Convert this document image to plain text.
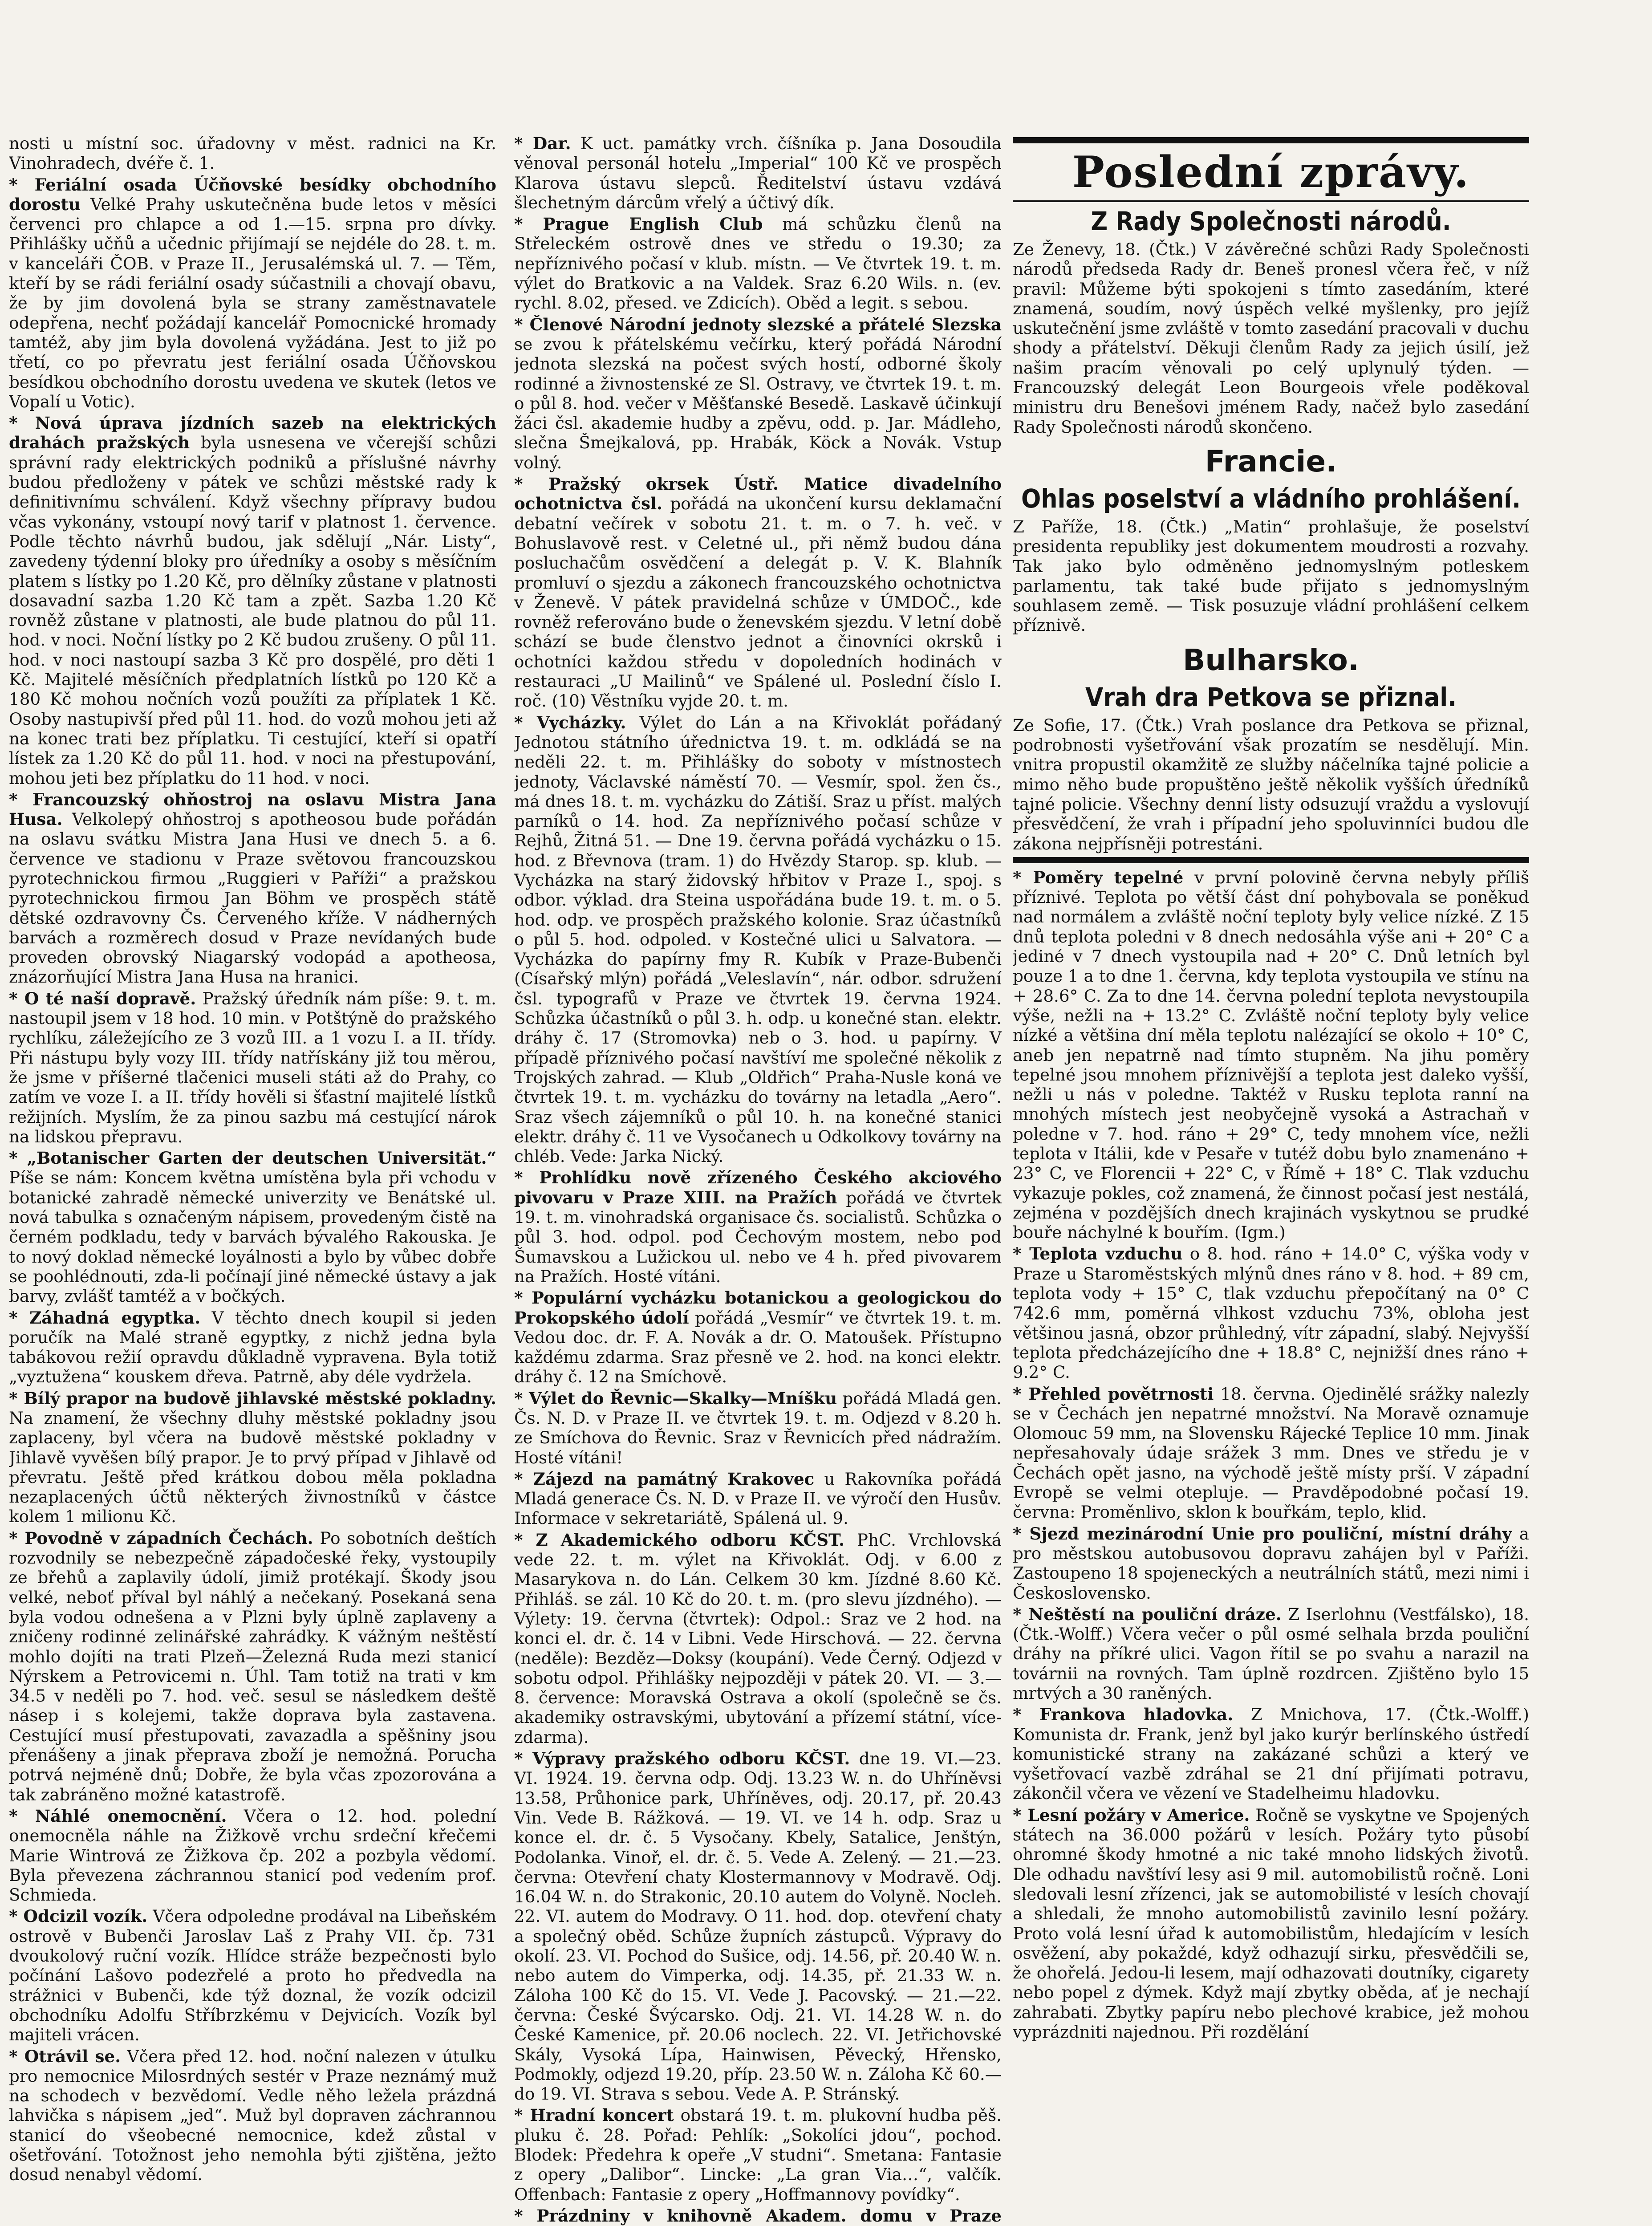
nosti u místní soc. úřadovny v měst. radnici na Kr. Vinohradech, dvéře č. 1.

* Feriální osada Účňovské besídky obchodního dorostu Velké Prahy uskutečněna bude letos v měsíci červenci pro chlapce a od 1.—15. srpna pro dívky. Přihlášky učňů a učednic přijímají se nejdéle do 28. t. m. v kanceláři ČOB. v Praze II., Jerusalémská ul. 7. — Těm, kteří by se rádi feriální osady súčastnili a chovají obavu, že by jim dovolená byla se strany zaměstnavatele odepřena, nechť požádají kancelář Pomocnické hromady tamtéž, aby jim byla dovolená vyžádána. Jest to již po třetí, co po převratu jest feriální osada Účňovskou besídkou obchodního dorostu uvedena ve skutek (letos ve Vopalí u Votic).

* Nová úprava jízdních sazeb na elektrických drahách pražských byla usnesena ve včerejší schůzi správní rady elektrických podniků a příslušné návrhy budou předloženy v pátek ve schůzi městské rady k definitivnímu schválení. Když všechny přípravy budou včas vykonány, vstoupí nový tarif v platnost 1. července. Podle těchto návrhů budou, jak sdělují „Nár. Listy“, zavedeny týdenní bloky pro úředníky a osoby s měsíčním platem s lístky po 1.20 Kč, pro dělníky zůstane v platnosti dosavadní sazba 1.20 Kč tam a zpět. Sazba 1.20 Kč rovněž zůstane v platnosti, ale bude platnou do půl 11. hod. v noci. Noční lístky po 2 Kč budou zrušeny. O půl 11. hod. v noci nastoupí sazba 3 Kč pro dospělé, pro děti 1 Kč. Majitelé měsíčních předplatních lístků po 120 Kč a 180 Kč mohou nočních vozů použíti za příplatek 1 Kč. Osoby nastupivší před půl 11. hod. do vozů mohou jeti až na konec trati bez příplatku. Ti cestující, kteří si opatří lístek za 1.20 Kč do půl 11. hod. v noci na přestupování, mohou jeti bez příplatku do 11 hod. v noci.

* Francouzský ohňostroj na oslavu Mistra Jana Husa. Velkolepý ohňostroj s apotheosou bude pořádán na oslavu svátku Mistra Jana Husi ve dnech 5. a 6. července ve stadionu v Praze světovou francouzskou pyrotechnickou firmou „Ruggieri v Paříži“ a pražskou pyrotechnickou firmou Jan Böhm ve prospěch státě dětské ozdravovny Čs. Červeného kříže. V nádherných barvách a rozměrech dosud v Praze nevídaných bude proveden obrovský Niagarský vodopád a apotheosa, znázorňující Mistra Jana Husa na hranici.

* O té naší dopravě. Pražský úředník nám píše: 9. t. m. nastoupil jsem v 18 hod. 10 min. v Potštýně do pražského rychlíku, záležejícího ze 3 vozů III. a 1 vozu I. a II. třídy. Při nástupu byly vozy III. třídy natřískány již tou měrou, že jsme v příšerné tlačenici museli státi až do Prahy, co zatím ve voze I. a II. třídy hověli si šťastní majitelé lístků režijních. Myslím, že za pinou sazbu má cestující nárok na lidskou přepravu.

* „Botanischer Garten der deutschen Universität.“ Píše se nám: Koncem května umístěna byla při vchodu v botanické zahradě německé univerzity ve Benátské ul. nová tabulka s označeným nápisem, provedeným čistě na černém podkladu, tedy v barvách bývalého Rakouska. Je to nový doklad německé loyálnosti a bylo by vůbec dobře se poohlédnouti, zda-li počínají jiné německé ústavy a jak barvy, zvlášť tamtéž a v bočkých.

* Záhadná egyptka. V těchto dnech koupil si jeden poručík na Malé straně egyptky, z nichž jedna byla tabákovou režií opravdu důkladně vypravena. Byla totiž „vyztužena“ kouskem dřeva. Patrně, aby déle vydržela.

* Bílý prapor na budově jihlavské městské pokladny. Na znamení, že všechny dluhy městské pokladny jsou zaplaceny, byl včera na budově městské pokladny v Jihlavě vyvěšen bílý prapor. Je to prvý případ v Jihlavě od převratu. Ještě před krátkou dobou měla pokladna nezaplacených účtů některých živnostníků v částce kolem 1 milionu Kč.

* Povodně v západních Čechách. Po sobotních deštích rozvodnily se nebezpečně západočeské řeky, vystoupily ze břehů a zaplavily údolí, jimiž protékají. Škody jsou velké, neboť příval byl náhlý a nečekaný. Posekaná sena byla vodou odnešena a v Plzni byly úplně zaplaveny a zničeny rodinné zelinářské zahrádky. K vážným neštěstí mohlo dojíti na trati Plzeň—Železná Ruda mezi stanicí Nýrskem a Petrovicemi n. Úhl. Tam totiž na trati v km 34.5 v neděli po 7. hod. več. sesul se následkem deště násep i s kolejemi, takže doprava byla zastavena. Cestující musí přestupovati, zavazadla a spěšniny jsou přenášeny a jinak přeprava zboží je nemožná. Porucha potrvá nejméně dnů; Dobře, že byla včas zpozorována a tak zabráněno možné katastrofě.

* Náhlé onemocnění. Včera o 12. hod. polední onemocněla náhle na Žižkově vrchu srdeční křečemi Marie Wintrová ze Žižkova čp. 202 a pozbyla vědomí. Byla převezena záchrannou stanicí pod vedením prof. Schmieda.

* Odcizil vozík. Včera odpoledne prodával na Libeňském ostrově v Bubenči Jaroslav Laš z Prahy VII. čp. 731 dvoukolový ruční vozík. Hlídce stráže bezpečnosti bylo počínání Lašovo podezřelé a proto ho předvedla na strážnici v Bubenči, kde týž doznal, že vozík odcizil obchodníku Adolfu Stříbrzkému v Dejvicích. Vozík byl majiteli vrácen.

* Otrávil se. Včera před 12. hod. noční nalezen v útulku pro nemocnice Milosrdných sestér v Praze neznámý muž na schodech v bezvědomí. Vedle něho ležela prázdná lahvička s nápisem „jed“. Muž byl dopraven záchrannou stanicí do všeobecné nemocnice, kdež zůstal v ošetřování. Totožnost jeho nemohla býti zjištěna, ježto dosud nenabyl vědomí.

* Dar. K uct. památky vrch. číšníka p. Jana Dosoudila věnoval personál hotelu „Imperial“ 100 Kč ve prospěch Klarova ústavu slepců. Ředitelství ústavu vzdává šlechetným dárcům vřelý a účtivý dík.

* Prague English Club má schůzku členů na Střeleckém ostrově dnes ve středu o 19.30; za nepříznivého počasí v klub. místn. — Ve čtvrtek 19. t. m. výlet do Bratkovic a na Valdek. Sraz 6.20 Wils. n. (ev. rychl. 8.02, přesed. ve Zdicích). Oběd a legit. s sebou.

* Členové Národní jednoty slezské a přátelé Slezska se zvou k přátelskému večírku, který pořádá Národní jednota slezská na počest svých hostí, odborné školy rodinné a živnostenské ze Sl. Ostravy, ve čtvrtek 19. t. m. o půl 8. hod. večer v Měšťanské Besedě. Laskavě účinkují žáci čsl. akademie hudby a zpěvu, odd. p. Jar. Mádleho, slečna Šmejkalová, pp. Hrabák, Köck a Novák. Vstup volný.

* Pražský okrsek Ústř. Matice divadelního ochotnictva čsl. pořádá na ukončení kursu deklamační debatní večírek v sobotu 21. t. m. o 7. h. več. v Bohuslavově rest. v Celetné ul., při němž budou dána posluchačům osvědčení a delegát p. V. K. Blahník promluví o sjezdu a zákonech francouzského ochotnictva v Ženevě. V pátek pravidelná schůze v ÚMDOČ., kde rovněž referováno bude o ženevském sjezdu. V letní době schází se bude členstvo jednot a činovníci okrsků i ochotníci každou středu v dopoledních hodinách v restauraci „U Mailinů“ ve Spálené ul. Poslední číslo I. roč. (10) Věstníku vyjde 20. t. m.

* Vycházky. Výlet do Lán a na Křivoklát pořádaný Jednotou státního úřednictva 19. t. m. odkládá se na neděli 22. t. m. Přihlášky do soboty v místnostech jednoty, Václavské náměstí 70. — Vesmír, spol. žen čs., má dnes 18. t. m. vycházku do Zátiší. Sraz u příst. malých parníků o 14. hod. Za nepříznivého počasí schůze v Rejhů, Žitná 51. — Dne 19. června pořádá vycházku o 15. hod. z Břevnova (tram. 1) do Hvězdy Starop. sp. klub. — Vycházka na starý židovský hřbitov v Praze I., spoj. s odbor. výklad. dra Steina uspořádána bude 19. t. m. o 5. hod. odp. ve prospěch pražského kolonie. Sraz účastníků o půl 5. hod. odpoled. v Kostečné ulici u Salvatora. — Vycházka do papírny fmy R. Kubík v Praze-Bubenči (Císařský mlýn) pořádá „Veleslavín“, nár. odbor. sdružení čsl. typografů v Praze ve čtvrtek 19. června 1924. Schůzka účastníků o půl 3. h. odp. u konečné stan. elektr. dráhy č. 17 (Stromovka) neb o 3. hod. u papírny. V případě příznivého počasí navštíví me společné několik z Trojských zahrad. — Klub „Oldřich“ Praha-Nusle koná ve čtvrtek 19. t. m. vycházku do továrny na letadla „Aero“. Sraz všech zájemníků o půl 10. h. na konečné stanici elektr. dráhy č. 11 ve Vysočanech u Odkolkovy továrny na chléb. Vede: Jarka Nický.

* Prohlídku nově zřízeného Českého akciového pivovaru v Praze XIII. na Pražích pořádá ve čtvrtek 19. t. m. vinohradská organisace čs. socialistů. Schůzka o půl 3. hod. odpol. pod Čechovým mostem, nebo pod Šumavskou a Lužickou ul. nebo ve 4 h. před pivovarem na Pražích. Hosté vítáni.

* Populární vycházku botanickou a geologickou do Prokopského údolí pořádá „Vesmír“ ve čtvrtek 19. t. m. Vedou doc. dr. F. A. Novák a dr. O. Matoušek. Přístupno každému zdarma. Sraz přesně ve 2. hod. na konci elektr. dráhy č. 12 na Smíchově.

* Výlet do Řevnic—Skalky—Mníšku pořádá Mladá gen. Čs. N. D. v Praze II. ve čtvrtek 19. t. m. Odjezd v 8.20 h. ze Smíchova do Řevnic. Sraz v Řevnicích před nádražím. Hosté vítáni!

* Zájezd na památný Krakovec u Rakovníka pořádá Mladá generace Čs. N. D. v Praze II. ve výročí den Husův. Informace v sekretariátě, Spálená ul. 9.

* Z Akademického odboru KČST. PhC. Vrchlovská vede 22. t. m. výlet na Křivoklát. Odj. v 6.00 z Masarykova n. do Lán. Celkem 30 km. Jízdné 8.60 Kč. Přihláš. se zál. 10 Kč do 20. t. m. (pro slevu jízdného). — Výlety: 19. června (čtvrtek): Odpol.: Sraz ve 2 hod. na konci el. dr. č. 14 v Libni. Vede Hirschová. — 22. června (neděle): Bezděz—Doksy (koupání). Vede Černý. Odjezd v sobotu odpol. Přihlášky nejpozději v pátek 20. VI. — 3.—8. července: Moravská Ostrava a okolí (společně se čs. akademiky ostravskými, ubytování a přízemí státní, více-zdarma).

* Výpravy pražského odboru KČST. dne 19. VI.—23. VI. 1924. 19. června odp. Odj. 13.23 W. n. do Uhříněvsi 13.58, Průhonice park, Uhříněves, odj. 20.17, př. 20.43 Vin. Vede B. Rážková. — 19. VI. ve 14 h. odp. Sraz u konce el. dr. č. 5 Vysočany. Kbely, Satalice, Jenštýn, Podolanka. Vinoř, el. dr. č. 5. Vede A. Zelený. — 21.—23. června: Otevření chaty Klostermannovy v Modravě. Odj. 16.04 W. n. do Strakonic, 20.10 autem do Volyně. Nocleh. 22. VI. autem do Modravy. O 11. hod. dop. otevření chaty a společný oběd. Schůze župních zástupců. Výpravy do okolí. 23. VI. Pochod do Sušice, odj. 14.56, př. 20.40 W. n. nebo autem do Vimperka, odj. 14.35, př. 21.33 W. n. Záloha 100 Kč do 15. VI. Vede J. Pacovský. — 21.—22. června: České Švýcarsko. Odj. 21. VI. 14.28 W. n. do České Kamenice, př. 20.06 noclech. 22. VI. Jetřichovské Skály, Vysoká Lípa, Hainwisen, Pěvecký, Hřensko, Podmokly, odjezd 19.20, příp. 23.50 W. n. Záloha Kč 60.— do 19. VI. Strava s sebou. Vede A. P. Stránský.

* Hradní koncert obstará 19. t. m. plukovní hudba pěš. pluku č. 28. Pořad: Pehlík: „Sokolíci jdou“, pochod. Blodek: Předehra k opeře „V studni“. Smetana: Fantasie z opery „Dalibor“. Lincke: „La gran Via…“, valčík. Offenbach: Fantasie z opery „Hoffmannovy povídky“.

* Prázdniny v knihovně Akadem. domu v Praze

Poslední zprávy.
Z Rady Společnosti národů.

Ze Ženevy, 18. (Čtk.) V závěrečné schůzi Rady Společnosti národů předseda Rady dr. Beneš pronesl včera řeč, v níž pravil: Můžeme býti spokojeni s tímto zasedáním, které znamená, soudím, nový úspěch velké myšlenky, pro jejíž uskutečnění jsme zvláště v tomto zasedání pracovali v duchu shody a přátelství. Děkuji členům Rady za jejich úsilí, jež našim pracím věnovali po celý uplynulý týden. — Francouzský delegát Leon Bourgeois vřele poděkoval ministru dru Benešovi jménem Rady, načež bylo zasedání Rady Společnosti národů skončeno.

Francie.
Ohlas poselství a vládního prohlášení.

Z Paříže, 18. (Čtk.) „Matin“ prohlašuje, že poselství presidenta republiky jest dokumentem moudrosti a rozvahy. Tak jako bylo odměněno jednomyslným potleskem parlamentu, tak také bude přijato s jednomyslným souhlasem země. — Tisk posuzuje vládní prohlášení celkem příznivě.

Bulharsko.
Vrah dra Petkova se přiznal.

Ze Sofie, 17. (Čtk.) Vrah poslance dra Petkova se přiznal, podrobnosti vyšetřování však prozatím se nesdělují. Min. vnitra propustil okamžitě ze služby náčelníka tajné policie a mimo něho bude propuštěno ještě několik vyšších úředníků tajné policie. Všechny denní listy odsuzují vraždu a vyslovují přesvědčení, že vrah i případní jeho spoluvinníci budou dle zákona nejpřísněji potrestáni.

* Poměry tepelné v první polovině června nebyly příliš příznivé. Teplota po větší část dní pohybovala se poněkud nad normálem a zvláště noční teploty byly velice nízké. Z 15 dnů teplota poledni v 8 dnech nedosáhla výše ani + 20° C a jediné v 7 dnech vystoupila nad + 20° C. Dnů letních byl pouze 1 a to dne 1. června, kdy teplota vystoupila ve stínu na + 28.6° C. Za to dne 14. června polední teplota nevystoupila výše, nežli na + 13.2° C. Zvláště noční teploty byly velice nízké a většina dní měla teplotu nalézající se okolo + 10° C, aneb jen nepatrně nad tímto stupněm. Na jihu poměry tepelné jsou mnohem příznivější a teplota jest daleko vyšší, nežli u nás v poledne. Taktéž v Rusku teplota ranní na mnohých místech jest neobyčejně vysoká a Astrachaň v poledne v 7. hod. ráno + 29° C, tedy mnohem více, nežli teplota v Itálii, kde v Pesaře v tutéž dobu bylo znamenáno + 23° C, ve Florencii + 22° C, v Římě + 18° C. Tlak vzduchu vykazuje pokles, což znamená, že činnost počasí jest nestálá, zejména v pozdějších dnech krajinách vyskytnou se prudké bouře náchylné k bouřím. (Igm.)

* Teplota vzduchu o 8. hod. ráno + 14.0° C, výška vody v Praze u Staroměstských mlýnů dnes ráno v 8. hod. + 89 cm, teplota vody + 15° C, tlak vzduchu přepočítaný na 0° C 742.6 mm, poměrná vlhkost vzduchu 73%, obloha jest většinou jasná, obzor průhledný, vítr západní, slabý. Nejvyšší teplota předcházejícího dne + 18.8° C, nejnižší dnes ráno + 9.2° C.

* Přehled povětrnosti 18. června. Ojedinělé srážky nalezly se v Čechách jen nepatrné množství. Na Moravě oznamuje Olomouc 59 mm, na Slovensku Rájecké Teplice 10 mm. Jinak nepřesahovaly údaje srážek 3 mm. Dnes ve středu je v Čechách opět jasno, na východě ještě místy prší. V západní Evropě se velmi otepluje. — Pravděpodobné počasí 19. června: Proměnlivo, sklon k bouřkám, teplo, klid.

* Sjezd mezinárodní Unie pro pouliční, místní dráhy a pro městskou autobusovou dopravu zahájen byl v Paříži. Zastoupeno 18 spojeneckých a neutrálních států, mezi nimi i Československo.

* Neštěstí na pouliční dráze. Z Iserlohnu (Vestfálsko), 18. (Čtk.-Wolff.) Včera večer o půl osmé selhala brzda pouliční dráhy na příkré ulici. Vagon řítil se po svahu a narazil na továrnii na rovných. Tam úplně rozdrcen. Zjištěno bylo 15 mrtvých a 30 raněných.

* Frankova hladovka. Z Mnichova, 17. (Čtk.-Wolff.) Komunista dr. Frank, jenž byl jako kurýr berlínského ústředí komunistické strany na zakázané schůzi a který ve vyšetřovací vazbě zdráhal se 21 dní přijímati potravu, zákončil včera ve vězení ve Stadelheimu hladovku.

* Lesní požáry v Americe. Ročně se vyskytne ve Spojených státech na 36.000 požárů v lesích. Požáry tyto působí ohromné škody hmotné a nic také mnoho lidských životů. Dle odhadu navštíví lesy asi 9 mil. automobilistů ročně. Loni sledovali lesní zřízenci, jak se automobilisté v lesích chovají a shledali, že mnoho automobilistů zavinilo lesní požáry. Proto volá lesní úřad k automobilistům, hledajícím v lesích osvěžení, aby pokaždé, když odhazují sirku, přesvědčili se, že ohořelá. Jedou-li lesem, mají odhazovati doutníky, cigarety nebo popel z dýmek. Když mají zbytky oběda, ať je nechají zahrabati. Zbytky papíru nebo plechové krabice, jež mohou vyprázdniti najednou. Při rozdělání
